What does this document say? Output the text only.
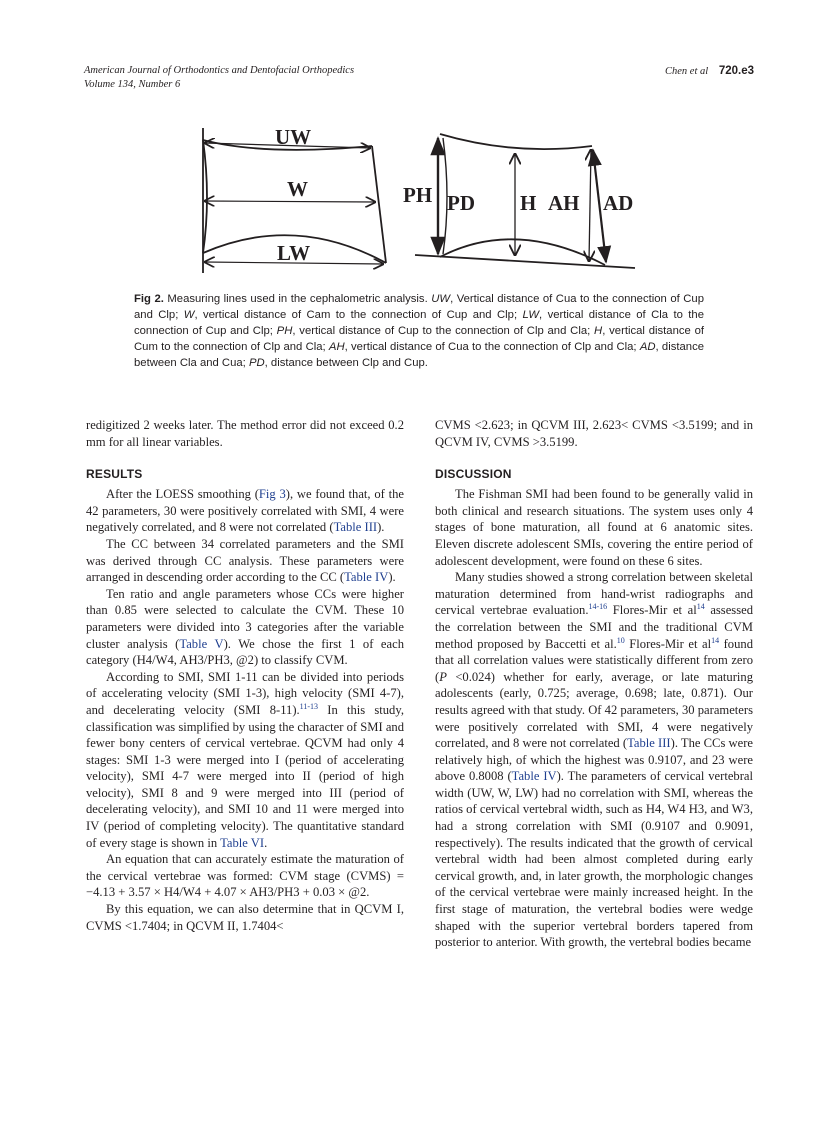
American Journal of Orthodontics and Dentofacial Orthopedics
Volume 134, Number 6
Chen et al 720.e3
UW
W
LW
PH PD H AH AD
Fig 2. Measuring lines used in the cephalometric analysis. UW, Vertical distance of Cua to the connection of Cup and Clp; W, vertical distance of Cam to the connection of Cup and Clp; LW, vertical distance of Cla to the connection of Cup and Clp; PH, vertical distance of Cup to the connection of Clp and Cla; H, vertical distance of Cum to the connection of Clp and Cla; AH, vertical distance of Cua to the connection of Clp and Cla; AD, distance between Cla and Cua; PD, distance between Clp and Cup.

redigitized 2 weeks later. The method error did not exceed 0.2 mm for all linear variables.

RESULTS

After the LOESS smoothing (Fig 3), we found that, of the 42 parameters, 30 were positively correlated with SMI, 4 were negatively correlated, and 8 were not correlated (Table III).

The CC between 34 correlated parameters and the SMI was derived through CC analysis. These parameters were arranged in descending order according to the CC (Table IV).

Ten ratio and angle parameters whose CCs were higher than 0.85 were selected to calculate the CVM. These 10 parameters were divided into 3 categories after the variable cluster analysis (Table V). We chose the first 1 of each category (H4/W4, AH3/PH3, @2) to classify CVM.

According to SMI, SMI 1-11 can be divided into periods of accelerating velocity (SMI 1-3), high velocity (SMI 4-7), and decelerating velocity (SMI 8-11).$^{11-13}$ In this study, classification was simplified by using the character of SMI and fewer bony centers of cervical vertebrae. QCVM had only 4 stages: SMI 1-3 were merged into I (period of accelerating velocity), SMI 4-7 were merged into II (period of high velocity), SMI 8 and 9 were merged into III (period of decelerating velocity), and SMI 10 and 11 were merged into IV (period of completing velocity). The quantitative standard of every stage is shown in Table VI.

An equation that can accurately estimate the maturation of the cervical vertebrae was formed: CVM stage (CVMS) = −4.13 + 3.57 × H4/W4 + 4.07 × AH3/PH3 + 0.03 × @2.

By this equation, we can also determine that in QCVM I, CVMS <1.7404; in QCVM II, 1.7404<

CVMS <2.623; in QCVM III, 2.623< CVMS <3.5199; and in QCVM IV, CVMS >3.5199.

DISCUSSION

The Fishman SMI had been found to be generally valid in both clinical and research situations. The system uses only 4 stages of bone maturation, all found at 6 anatomic sites. Eleven discrete adolescent SMIs, covering the entire period of adolescent development, were found on these 6 sites.

Many studies showed a strong correlation between skeletal maturation determined from hand-wrist radiographs and cervical vertebrae evaluation.$^{14-16}$ Flores-Mir et $al^{14}$ assessed the correlation between the SMI and the traditional CVM method proposed by Baccetti et al.$^{10}$ Flores-Mir et $al^{14}$ found that all correlation values were statistically different from zero (P <0.024) whether for early, average, or late maturing adolescents (early, 0.725; average, 0.698; late, 0.871). Our results agreed with that study. Of 42 parameters, 30 parameters were positively correlated with SMI, 4 were negatively correlated, and 8 were not correlated (Table III). The CCs were relatively high, of which the highest was 0.9107, and 23 were above 0.8008 (Table IV). The parameters of cervical vertebral width (UW, W, LW) had no correlation with SMI, whereas the ratios of cervical vertebral width, such as H4, W4 H3, and W3, had a strong correlation with SMI (0.9107 and 0.9091, respectively). The results indicated that the growth of cervical vertebral width had been almost completed during early cervical growth, and, in later growth, the morphologic changes of the cervical vertebrae were mainly increased height. In the first stage of maturation, the vertebral bodies were wedge shaped with the superior vertebral borders tapered from posterior to anterior. With growth, the vertebral bodies became
